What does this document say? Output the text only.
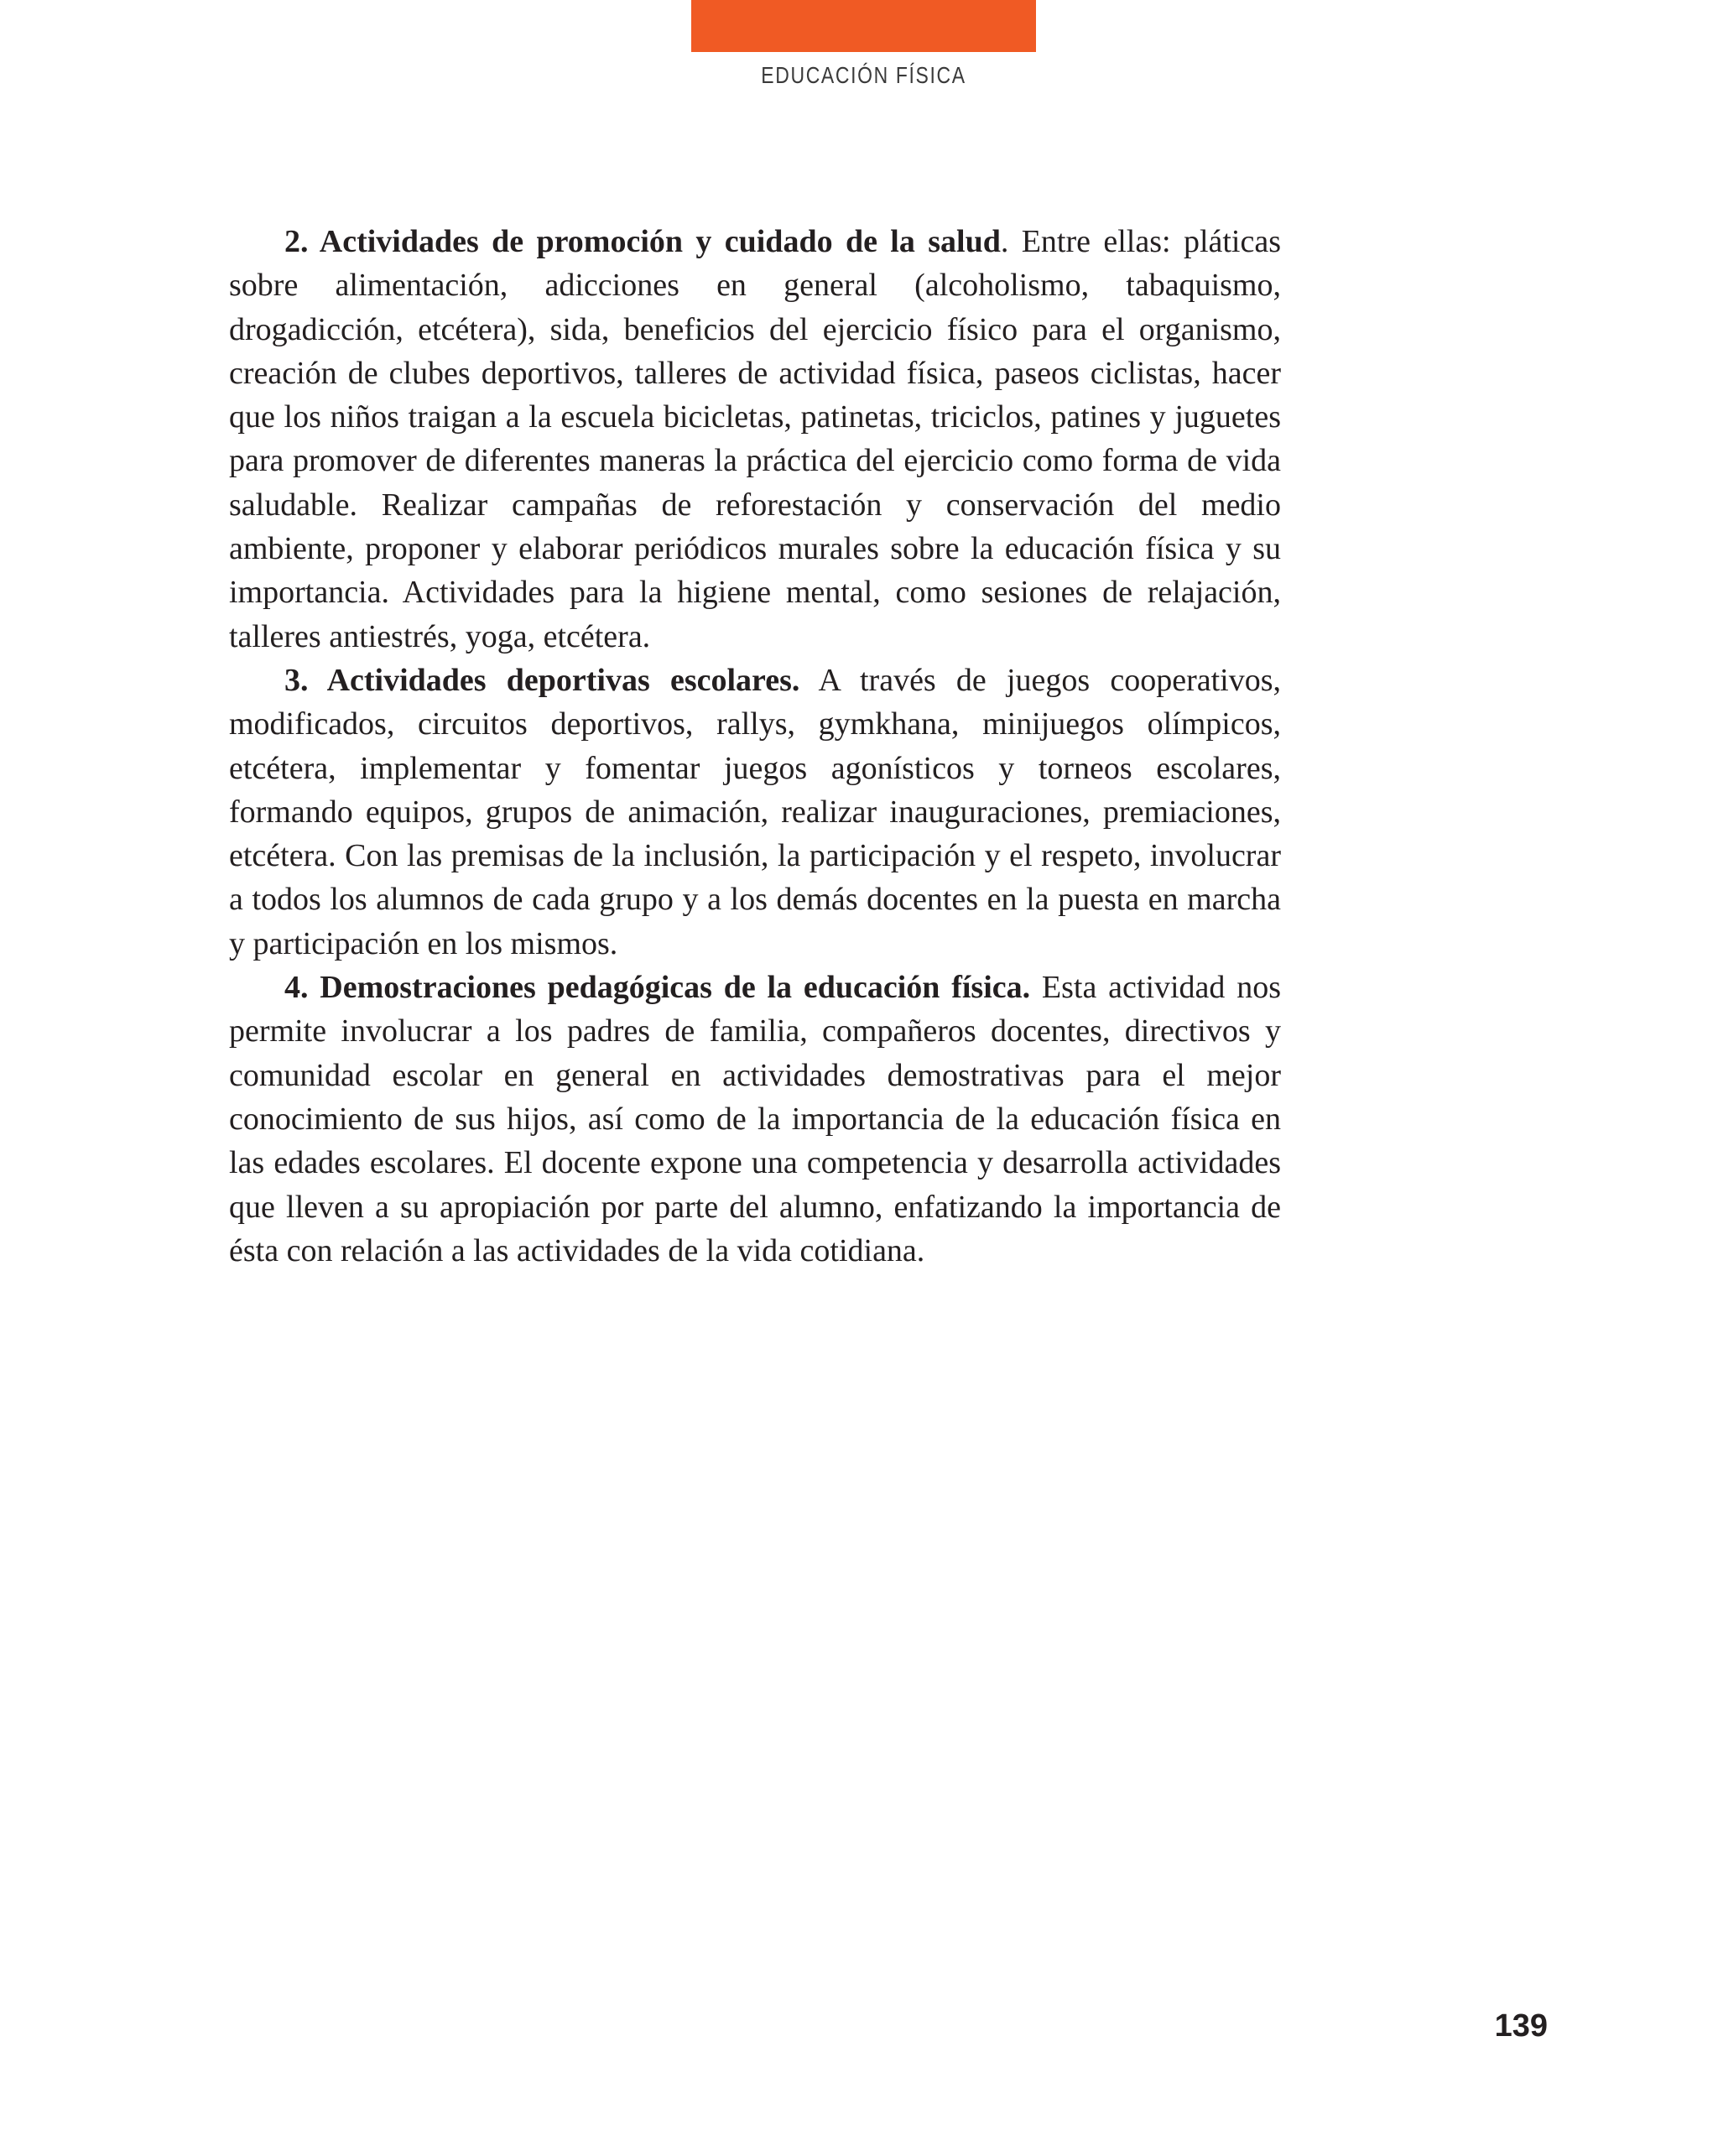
EDUCACIÓN FÍSICA

2. Actividades de promoción y cuidado de la salud. Entre ellas: pláticas sobre alimentación, adicciones en general (alcoholismo, tabaquismo, drogadicción, etcétera), sida, beneficios del ejercicio físico para el organismo, creación de clubes deportivos, talleres de actividad física, paseos ciclistas, hacer que los niños traigan a la escuela bicicletas, patinetas, triciclos, patines y juguetes para promover de diferentes maneras la práctica del ejercicio como forma de vida saludable. Realizar campañas de reforestación y conservación del medio ambiente, proponer y elaborar periódicos murales sobre la educación física y su importancia. Actividades para la higiene mental, como sesiones de relajación, talleres antiestrés, yoga, etcétera.

3. Actividades deportivas escolares. A través de juegos cooperativos, modificados, circuitos deportivos, rallys, gymkhana, minijuegos olímpicos, etcétera, implementar y fomentar juegos agonísticos y torneos escolares, formando equipos, grupos de animación, realizar inauguraciones, premiaciones, etcétera. Con las premisas de la inclusión, la participación y el respeto, involucrar a todos los alumnos de cada grupo y a los demás docentes en la puesta en marcha y participación en los mismos.

4. Demostraciones pedagógicas de la educación física. Esta actividad nos permite involucrar a los padres de familia, compañeros docentes, directivos y comunidad escolar en general en actividades demostrativas para el mejor conocimiento de sus hijos, así como de la importancia de la educación física en las edades escolares. El docente expone una competencia y desarrolla actividades que lleven a su apropiación por parte del alumno, enfatizando la importancia de ésta con relación a las actividades de la vida cotidiana.

139
